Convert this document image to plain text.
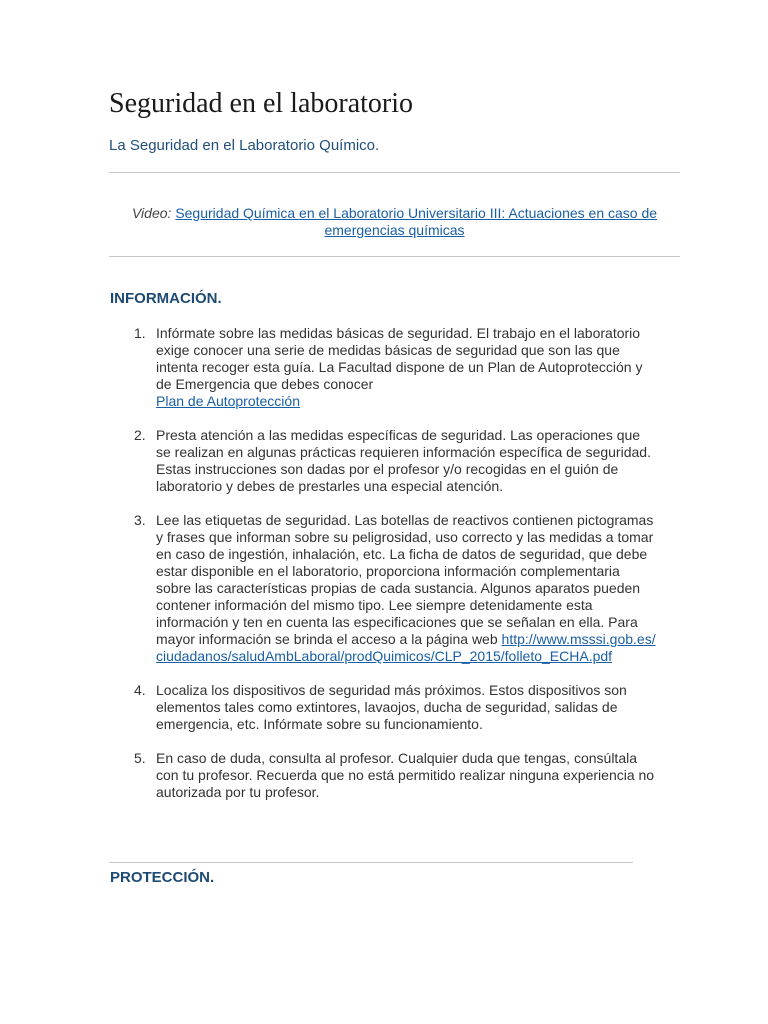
Seguridad en el laboratorio

La Seguridad en el Laboratorio Químico.

Video: Seguridad Química en el Laboratorio Universitario III: Actuaciones en caso de emergencias químicas
INFORMACIÓN.
1. Infórmate sobre las medidas básicas de seguridad. El trabajo en el laboratorio exige conocer una serie de medidas básicas de seguridad que son las que intenta recoger esta guía. La Facultad dispone de un Plan de Autoprotección y de Emergencia que debes conocer
Plan de Autoprotección
2. Presta atención a las medidas específicas de seguridad. Las operaciones que se realizan en algunas prácticas requieren información específica de seguridad. Estas instrucciones son dadas por el profesor y/o recogidas en el guión de laboratorio y debes de prestarles una especial atención.
3. Lee las etiquetas de seguridad. Las botellas de reactivos contienen pictogramas y frases que informan sobre su peligrosidad, uso correcto y las medidas a tomar en caso de ingestión, inhalación, etc. La ficha de datos de seguridad, que debe estar disponible en el laboratorio, proporciona información complementaria sobre las características propias de cada sustancia. Algunos aparatos pueden contener información del mismo tipo. Lee siempre detenidamente esta información y ten en cuenta las especificaciones que se señalan en ella. Para mayor información se brinda el acceso a la página web http://www.msssi.gob.es/ciudadanos/saludAmbLaboral/prodQuimicos/CLP_2015/folleto_ECHA.pdf
4. Localiza los dispositivos de seguridad más próximos. Estos dispositivos son elementos tales como extintores, lavaojos, ducha de seguridad, salidas de emergencia, etc. Infórmate sobre su funcionamiento.
5. En caso de duda, consulta al profesor. Cualquier duda que tengas, consúltala con tu profesor. Recuerda que no está permitido realizar ninguna experiencia no autorizada por tu profesor.
PROTECCIÓN.
